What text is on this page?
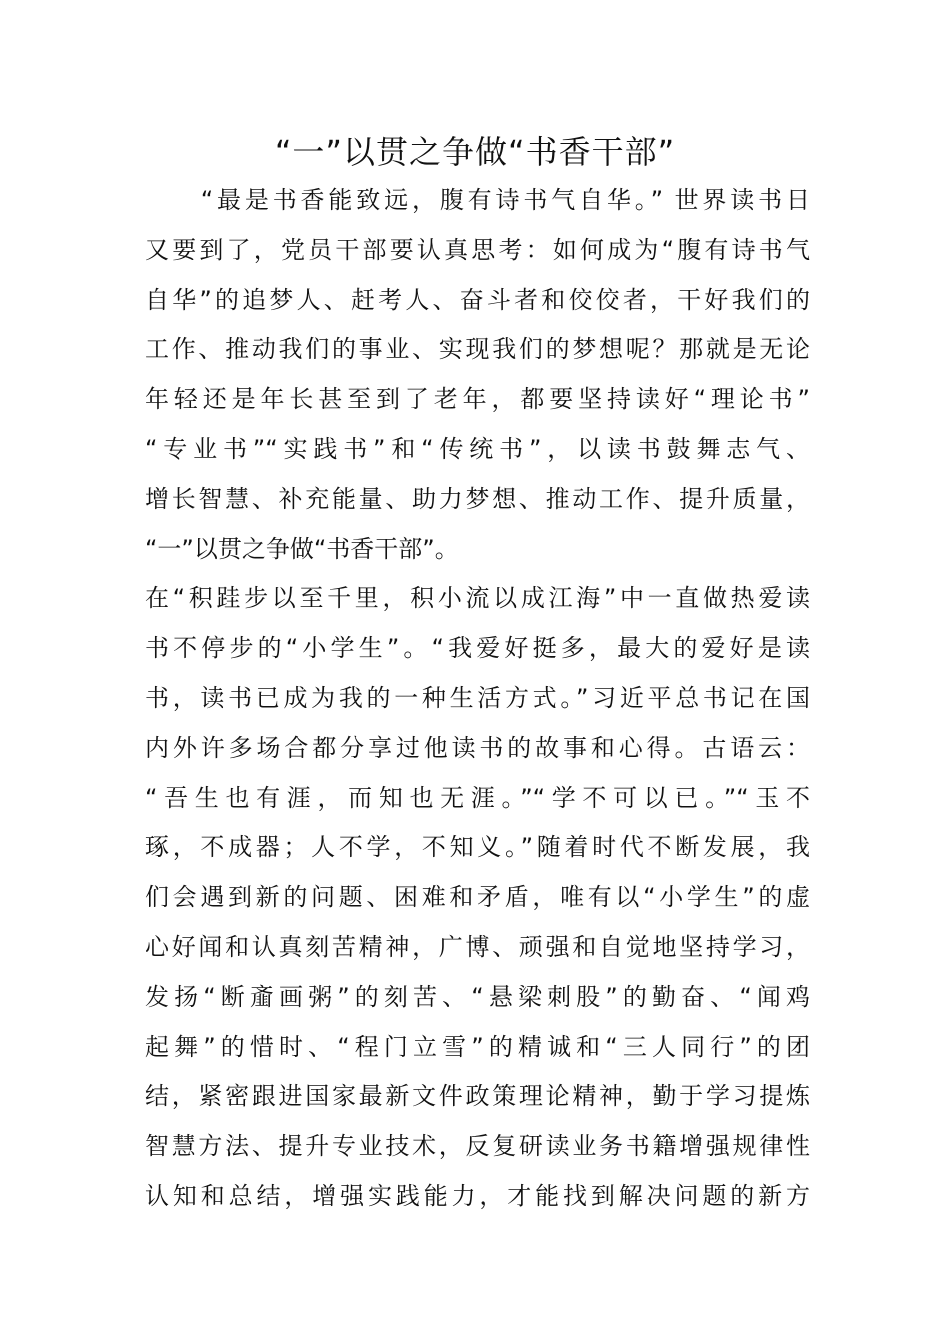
“一”以贯之争做“书香干部”
　　“最是书香能致远，腹有诗书气自华。” 世界读书日
又要到了，党员干部要认真思考：如何成为“腹有诗书气
自华”的追梦人、赶考人、奋斗者和佼佼者，干好我们的
工作、推动我们的事业、实现我们的梦想呢？那就是无论
年轻还是年长甚至到了老年，都要坚持读好“理论书”
“专业书”“实践书”和“传统书”，以读书鼓舞志气、
增长智慧、补充能量、助力梦想、推动工作、提升质量，
“一”以贯之争做“书香干部”。
在“积跬步以至千里，积小流以成江海”中一直做热爱读
书不停步的“小学生”。“我爱好挺多，最大的爱好是读
书，读书已成为我的一种生活方式。”习近平总书记在国
内外许多场合都分享过他读书的故事和心得。古语云：
“吾生也有涯，而知也无涯。”“学不可以已。”“玉不
琢，不成器；人不学，不知义。”随着时代不断发展，我
们会遇到新的问题、困难和矛盾，唯有以“小学生”的虚
心好闻和认真刻苦精神，广博、顽强和自觉地坚持学习，
发扬“断齑画粥”的刻苦、“悬梁刺股”的勤奋、“闻鸡
起舞”的惜时、“程门立雪”的精诚和“三人同行”的团
结，紧密跟进国家最新文件政策理论精神，勤于学习提炼
智慧方法、提升专业技术，反复研读业务书籍增强规律性
认知和总结，增强实践能力，才能找到解决问题的新方
